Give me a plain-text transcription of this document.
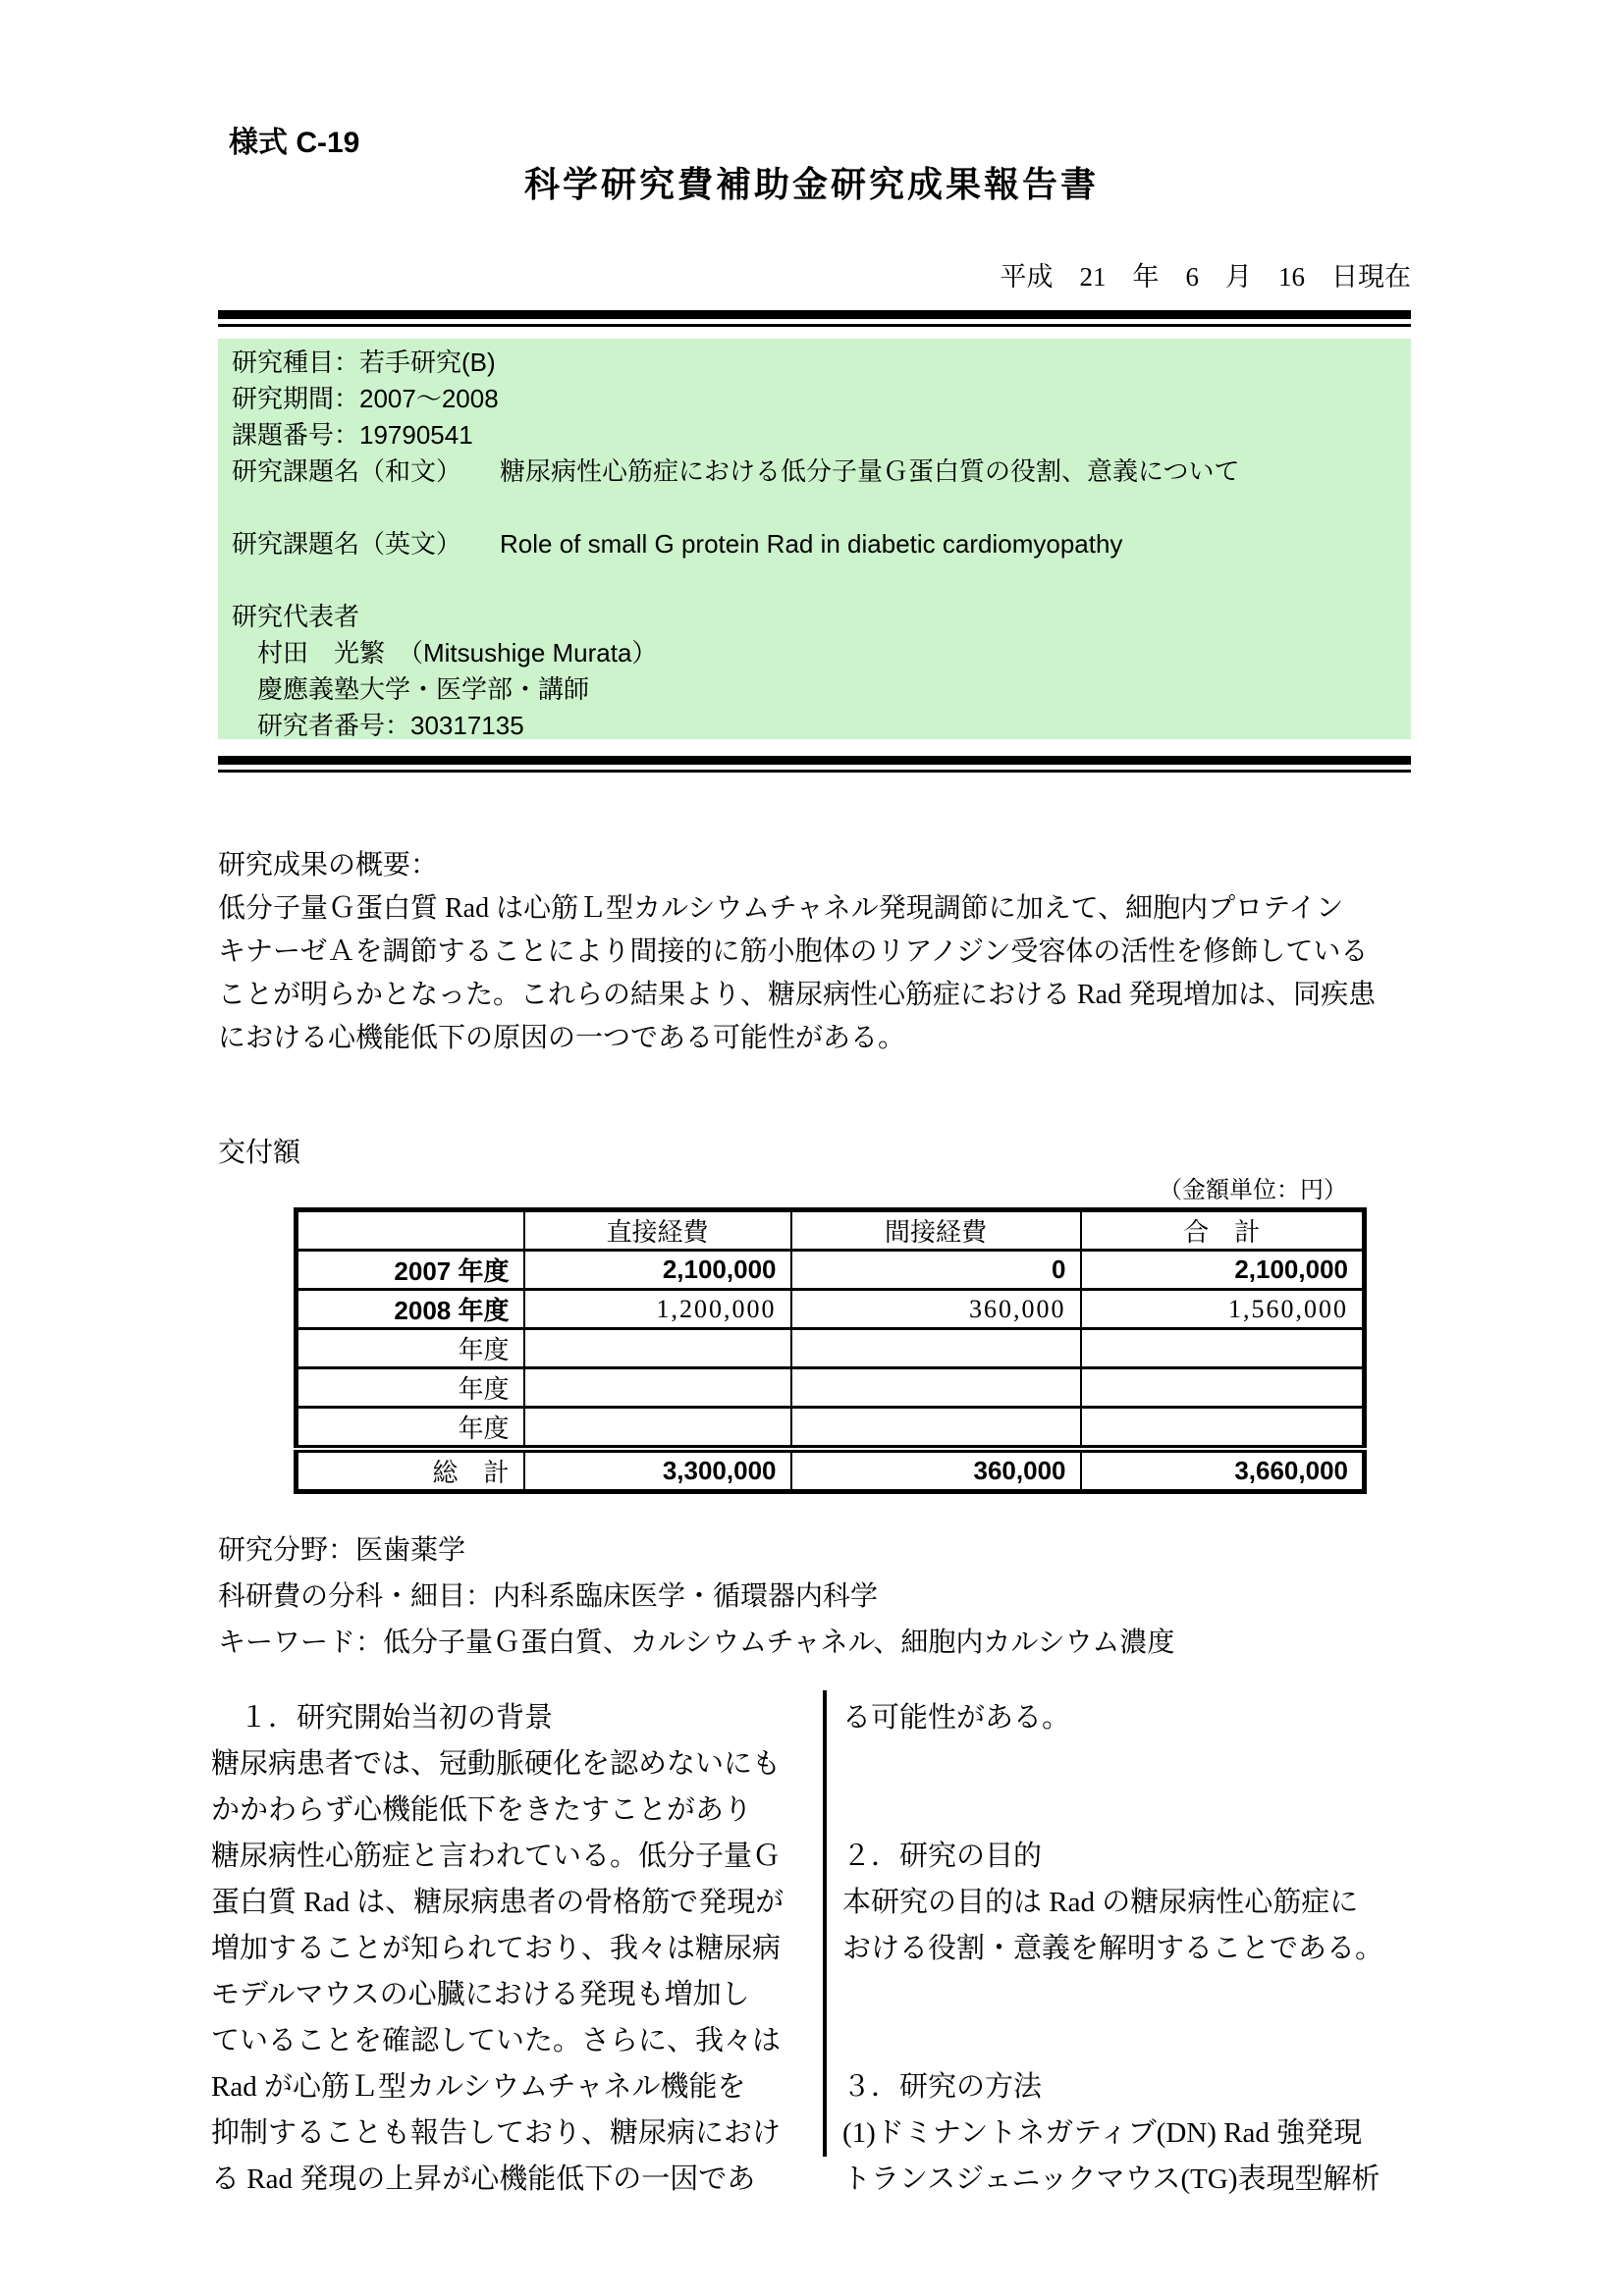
様式 C-19
科学研究費補助金研究成果報告書
平成　21　年　6　月　16　日現在
研究種目：若手研究(B)
研究期間：2007～2008
課題番号：19790541
研究課題名（和文）　　糖尿病性心筋症における低分子量Ｇ蛋白質の役割、意義について
研究課題名（英文）　　Role of small G protein Rad in diabetic cardiomyopathy
研究代表者
　村田　光繁　（Mitsushige Murata）
　慶應義塾大学・医学部・講師
　研究者番号：30317135
研究成果の概要：
低分子量Ｇ蛋白質 Rad は心筋Ｌ型カルシウムチャネル発現調節に加えて、細胞内プロテイン
キナーゼＡを調節することにより間接的に筋小胞体のリアノジン受容体の活性を修飾している
ことが明らかとなった。これらの結果より、糖尿病性心筋症における Rad 発現増加は、同疾患
における心機能低下の原因の一つである可能性がある。
交付額
（金額単位：円）
	直接経費	間接経費	合　計
2007 年度	2,100,000	0	2,100,000
2008 年度	1,200,000	360,000	1,560,000
年度			
年度			
年度			
総　計	3,300,000	360,000	3,660,000
研究分野：医歯薬学
科研費の分科・細目：内科系臨床医学・循環器内科学
キーワード：低分子量Ｇ蛋白質、カルシウムチャネル、細胞内カルシウム濃度
　１．研究開始当初の背景
糖尿病患者では、冠動脈硬化を認めないにも
かかわらず心機能低下をきたすことがあり
糖尿病性心筋症と言われている。低分子量Ｇ
蛋白質 Rad は、糖尿病患者の骨格筋で発現が
増加することが知られており、我々は糖尿病
モデルマウスの心臓における発現も増加し
ていることを確認していた。さらに、我々は
Rad が心筋Ｌ型カルシウムチャネル機能を
抑制することも報告しており、糖尿病におけ
る Rad 発現の上昇が心機能低下の一因であ
る可能性がある。
２．研究の目的
本研究の目的は Rad の糖尿病性心筋症に
おける役割・意義を解明することである。
３．研究の方法
(1)ドミナントネガティブ(DN) Rad 強発現
トランスジェニックマウス(TG)表現型解析
